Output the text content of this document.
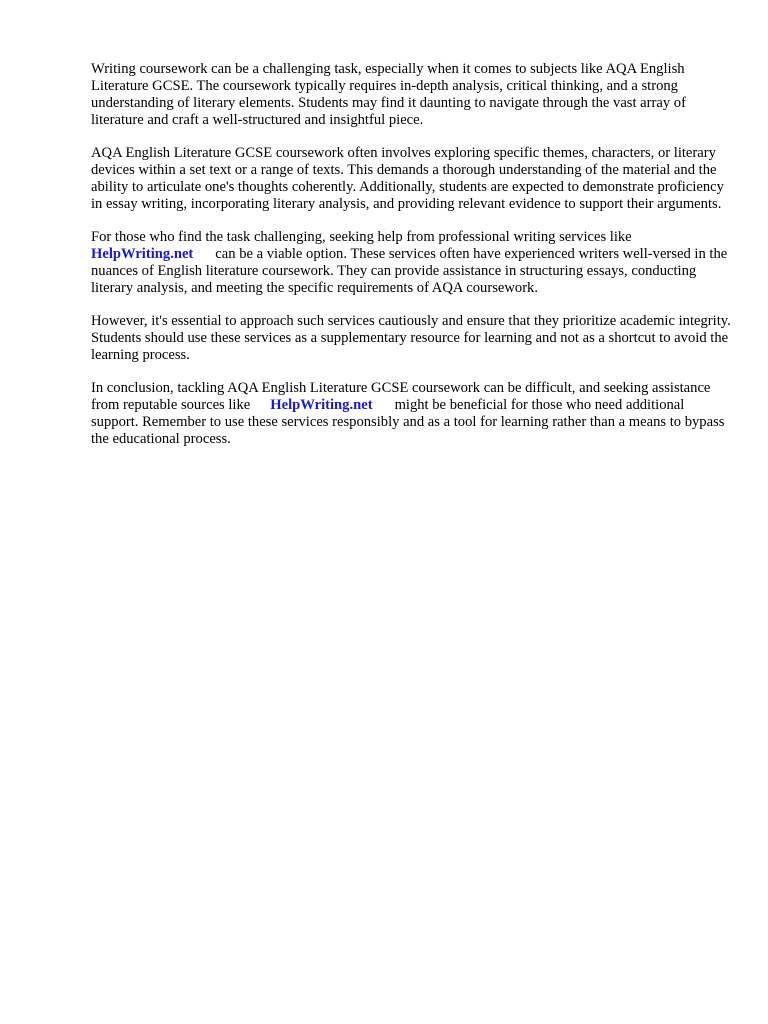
Writing coursework can be a challenging task, especially when it comes to subjects like AQA English Literature GCSE. The coursework typically requires in-depth analysis, critical thinking, and a strong understanding of literary elements. Students may find it daunting to navigate through the vast array of literature and craft a well-structured and insightful piece.

AQA English Literature GCSE coursework often involves exploring specific themes, characters, or literary devices within a set text or a range of texts. This demands a thorough understanding of the material and the ability to articulate one's thoughts coherently. Additionally, students are expected to demonstrate proficiency in essay writing, incorporating literary analysis, and providing relevant evidence to support their arguments.

For those who find the task challenging, seeking help from professional writing services like HelpWriting.net can be a viable option. These services often have experienced writers well-versed in the nuances of English literature coursework. They can provide assistance in structuring essays, conducting literary analysis, and meeting the specific requirements of AQA coursework.

However, it's essential to approach such services cautiously and ensure that they prioritize academic integrity. Students should use these services as a supplementary resource for learning and not as a shortcut to avoid the learning process.

In conclusion, tackling AQA English Literature GCSE coursework can be difficult, and seeking assistance from reputable sources like HelpWriting.net might be beneficial for those who need additional support. Remember to use these services responsibly and as a tool for learning rather than a means to bypass the educational process.
